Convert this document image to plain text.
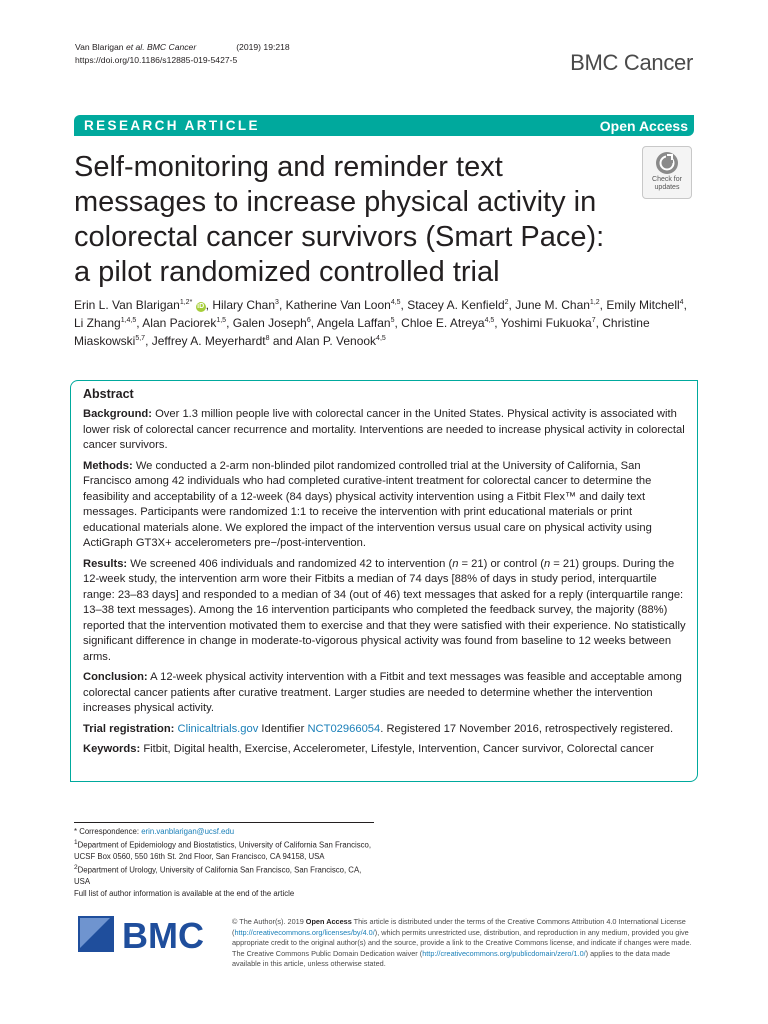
Van Blarigan et al. BMC Cancer	(2019) 19:218
https://doi.org/10.1186/s12885-019-5427-5	BMC Cancer
RESEARCH ARTICLE	Open Access
Self-monitoring and reminder text messages to increase physical activity in colorectal cancer survivors (Smart Pace): a pilot randomized controlled trial
Check for
updates
Erin L. Van Blarigan$^{1,2*}$ iD , Hilary Chan$^3$, Katherine Van Loon$^{4,5}$, Stacey A. Kenfield$^2$, June M. Chan$^{1,2}$, Emily Mitchell$^4$, Li Zhang$^{1,4,5}$, Alan Paciorek$^{1,5}$, Galen Joseph$^6$, Angela Laffan$^5$, Chloe E. Atreya$^{4,5}$, Yoshimi Fukuoka$^7$, Christine Miaskowski$^{5,7}$, Jeffrey A. Meyerhardt$^8$ and Alan P. Venook$^{4,5}$
Abstract

Background: Over 1.3 million people live with colorectal cancer in the United States. Physical activity is associated with lower risk of colorectal cancer recurrence and mortality. Interventions are needed to increase physical activity in colorectal cancer survivors.

Methods: We conducted a 2-arm non-blinded pilot randomized controlled trial at the University of California, San Francisco among 42 individuals who had completed curative-intent treatment for colorectal cancer to determine the feasibility and acceptability of a 12-week (84 days) physical activity intervention using a Fitbit Flex™ and daily text messages. Participants were randomized 1:1 to receive the intervention with print educational materials or print educational materials alone. We explored the impact of the intervention versus usual care on physical activity using ActiGraph GT3X+ accelerometers pre−/post-intervention.

Results: We screened 406 individuals and randomized 42 to intervention (n = 21) or control (n = 21) groups. During the 12-week study, the intervention arm wore their Fitbits a median of 74 days [88% of days in study period, interquartile range: 23–83 days] and responded to a median of 34 (out of 46) text messages that asked for a reply (interquartile range: 13–38 text messages). Among the 16 intervention participants who completed the feedback survey, the majority (88%) reported that the intervention motivated them to exercise and that they were satisfied with their experience. No statistically significant difference in change in moderate-to-vigorous physical activity was found from baseline to 12 weeks between arms.

Conclusion: A 12-week physical activity intervention with a Fitbit and text messages was feasible and acceptable among colorectal cancer patients after curative treatment. Larger studies are needed to determine whether the intervention increases physical activity.

Trial registration: Clinicaltrials.gov Identifier NCT02966054. Registered 17 November 2016, retrospectively registered.

Keywords: Fitbit, Digital health, Exercise, Accelerometer, Lifestyle, Intervention, Cancer survivor, Colorectal cancer

* Correspondence: erin.vanblarigan@ucsf.edu

$^1$Department of Epidemiology and Biostatistics, University of California San Francisco, UCSF Box 0560, 550 16th St. 2nd Floor, San Francisco, CA 94158, USA

$^2$Department of Urology, University of California San Francisco, San Francisco, CA, USA

Full list of author information is available at the end of the article

BMC	© The Author(s). 2019 Open Access This article is distributed under the terms of the Creative Commons Attribution 4.0 International License (http://creativecommons.org/licenses/by/4.0/), which permits unrestricted use, distribution, and reproduction in any medium, provided you give appropriate credit to the original author(s) and the source, provide a link to the Creative Commons license, and indicate if changes were made. The Creative Commons Public Domain Dedication waiver (http://creativecommons.org/publicdomain/zero/1.0/) applies to the data made available in this article, unless otherwise stated.
